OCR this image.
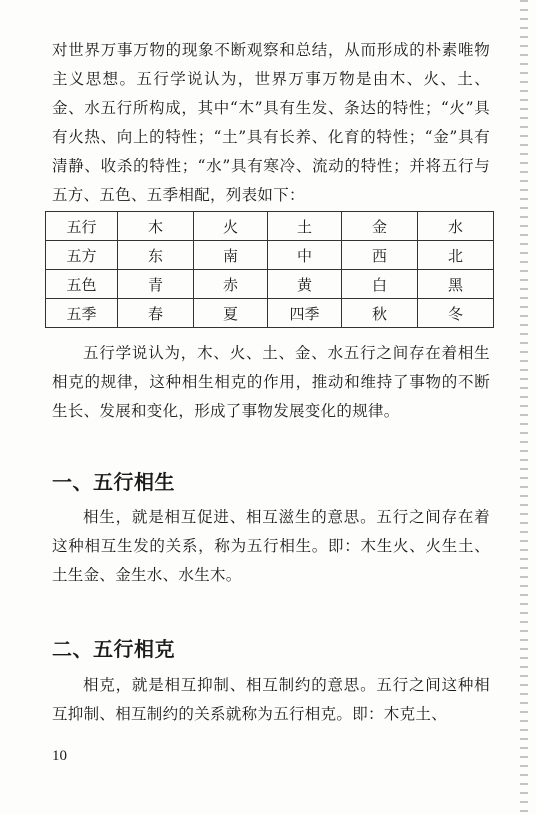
对世界万事万物的现象不断观察和总结，从而形成的朴素唯物主义思想。五行学说认为，世界万事万物是由木、火、土、金、水五行所构成，其中“木”具有生发、条达的特性；“火”具有火热、向上的特性；“土”具有长养、化育的特性；“金”具有清静、收杀的特性；“水”具有寒冷、流动的特性；并将五行与五方、五色、五季相配，列表如下：

五行	木	火	土	金	水
五方	东	南	中	西	北
五色	青	赤	黄	白	黑
五季	春	夏	四季	秋	冬

五行学说认为，木、火、土、金、水五行之间存在着相生相克的规律，这种相生相克的作用，推动和维持了事物的不断生长、发展和变化，形成了事物发展变化的规律。

一、五行相生

相生，就是相互促进、相互滋生的意思。五行之间存在着这种相互生发的关系，称为五行相生。即：木生火、火生土、土生金、金生水、水生木。

二、五行相克

相克，就是相互抑制、相互制约的意思。五行之间这种相互抑制、相互制约的关系就称为五行相克。即：木克土、

10
